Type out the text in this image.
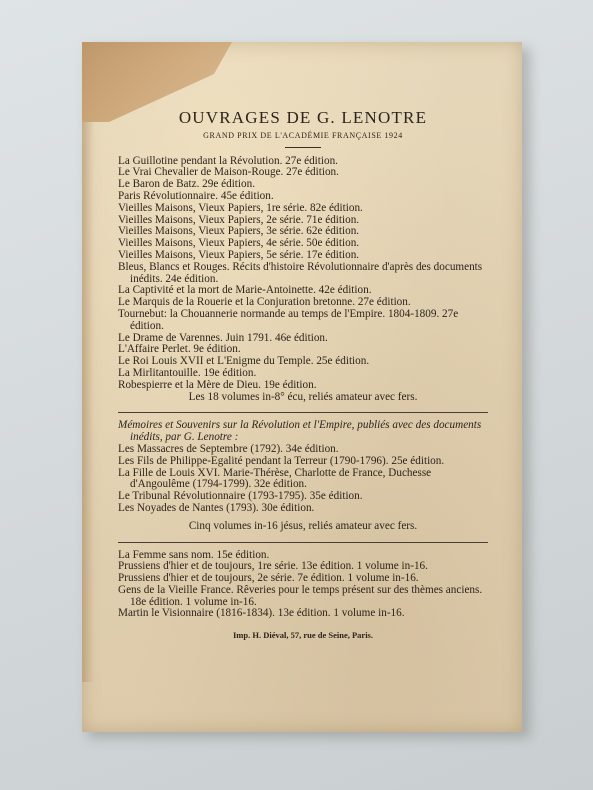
OUVRAGES DE G. LENOTRE
GRAND PRIX DE L'ACADÉMIE FRANÇAISE 1924
La Guillotine pendant la Révolution. 27e édition.
Le Vrai Chevalier de Maison-Rouge. 27e édition.
Le Baron de Batz. 29e édition.
Paris Révolutionnaire. 45e édition.
Vieilles Maisons, Vieux Papiers, 1re série. 82e édition.
Vieilles Maisons, Vieux Papiers, 2e série. 71e édition.
Vieilles Maisons, Vieux Papiers, 3e série. 62e édition.
Vieilles Maisons, Vieux Papiers, 4e série. 50e édition.
Vieilles Maisons, Vieux Papiers, 5e série. 17e édition.
Bleus, Blancs et Rouges. Récits d'histoire Révolutionnaire d'après des documents inédits. 24e édition.
La Captivité et la mort de Marie-Antoinette. 42e édition.
Le Marquis de la Rouerie et la Conjuration bretonne. 27e édition.
Tournebut: la Chouannerie normande au temps de l'Empire. 1804-1809. 27e édition.
Le Drame de Varennes. Juin 1791. 46e édition.
L'Affaire Perlet. 9e édition.
Le Roi Louis XVII et L'Enigme du Temple. 25e édition.
La Mirlitantouille. 19e édition.
Robespierre et la Mère de Dieu. 19e édition.
Les 18 volumes in-8° écu, reliés amateur avec fers.
Mémoires et Souvenirs sur la Révolution et l'Empire, publiés avec des documents inédits, par G. Lenotre :
Les Massacres de Septembre (1792). 34e édition.
Les Fils de Philippe-Egalité pendant la Terreur (1790-1796). 25e édition.
La Fille de Louis XVI. Marie-Thérèse, Charlotte de France, Duchesse d'Angoulême (1794-1799). 32e édition.
Le Tribunal Révolutionnaire (1793-1795). 35e édition.
Les Noyades de Nantes (1793). 30e édition.
Cinq volumes in-16 jésus, reliés amateur avec fers.
La Femme sans nom. 15e édition.
Prussiens d'hier et de toujours, 1re série. 13e édition. 1 volume in-16.
Prussiens d'hier et de toujours, 2e série. 7e édition. 1 volume in-16.
Gens de la Vieille France. Rêveries pour le temps présent sur des thèmes anciens. 18e édition. 1 volume in-16.
Martin le Visionnaire (1816-1834). 13e édition. 1 volume in-16.
Imp. H. Diéval, 57, rue de Seine, Paris.
